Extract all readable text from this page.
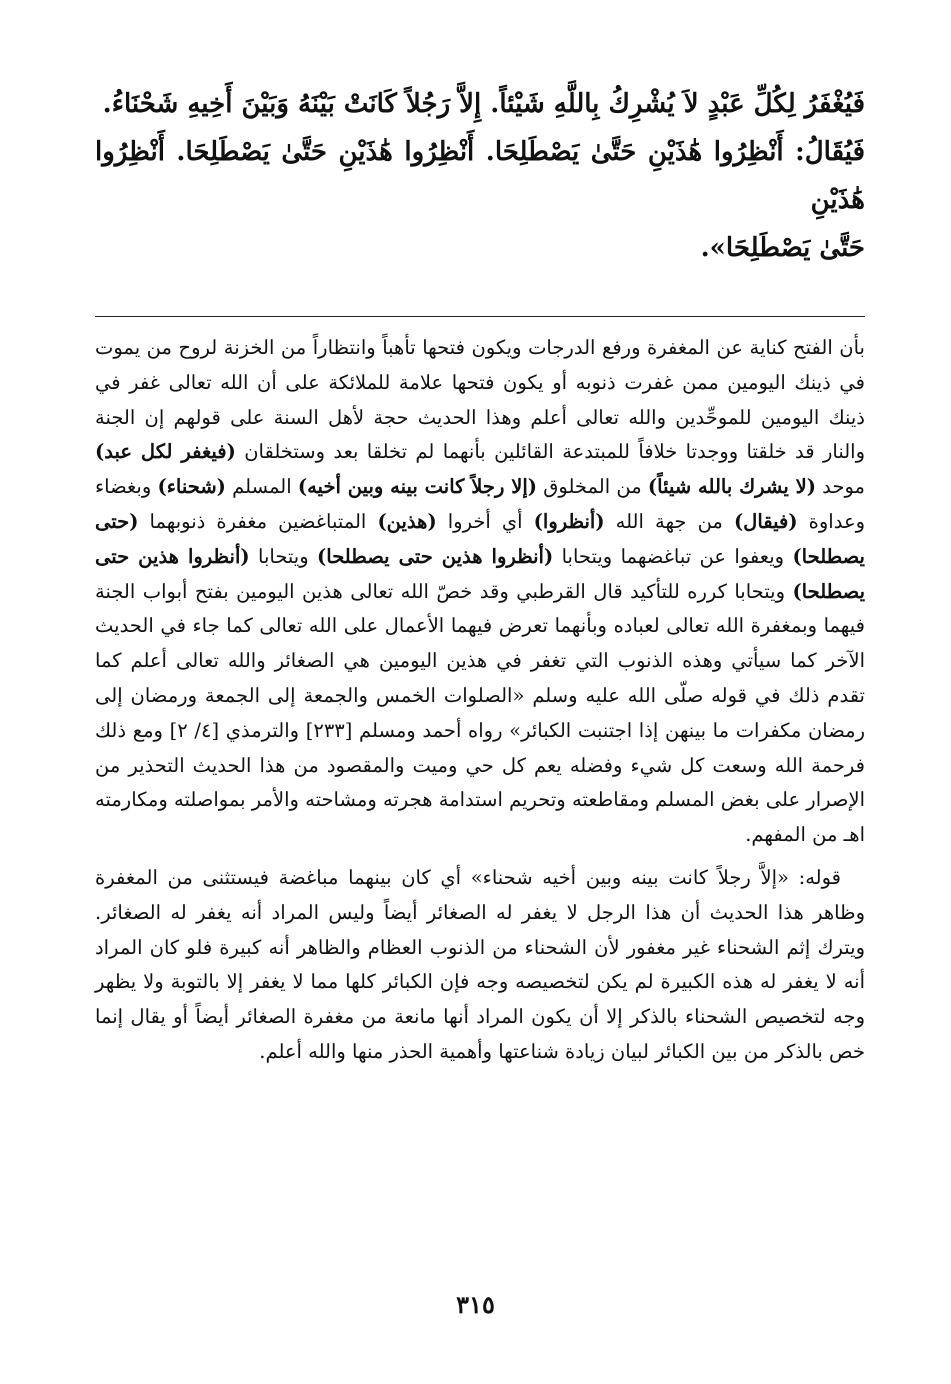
فَيُغْفَرُ لِكُلِّ عَبْدٍ لاَ يُشْرِكُ بِاللَّهِ شَيْئاً. إِلاَّ رَجُلاً كَانَتْ بَيْنَهُ وَبَيْنَ أَخِيهِ شَحْنَاءُ.

فَيُقَالُ: أَنْظِرُوا هَٰذَيْنِ حَتَّىٰ يَصْطَلِحَا. أَنْظِرُوا هَٰذَيْنِ حَتَّىٰ يَصْطَلِحَا. أَنْظِرُوا هَٰذَيْنِ

حَتَّىٰ يَصْطَلِحَا».

بأن الفتح كناية عن المغفرة ورفع الدرجات ويكون فتحها تأهباً وانتظاراً من الخزنة لروح من يموت في ذينك اليومين ممن غفرت ذنوبه أو يكون فتحها علامة للملائكة على أن الله تعالى غفر في ذينك اليومين للموحِّدين والله تعالى أعلم وهذا الحديث حجة لأهل السنة على قولهم إن الجنة والنار قد خلقتا ووجدتا خلافاً للمبتدعة القائلين بأنهما لم تخلقا بعد وستخلقان (فيغفر لكل عبد) موحد (لا يشرك بالله شيئاً) من المخلوق (إلا رجلاً كانت بينه وبين أخيه) المسلم (شحناء) وبغضاء وعداوة (فيقال) من جهة الله (أنظروا) أي أخروا (هذين) المتباغضين مغفرة ذنوبهما (حتى يصطلحا) ويعفوا عن تباغضهما ويتحابا (أنظروا هذين حتى يصطلحا) ويتحابا (أنظروا هذين حتى يصطلحا) ويتحابا كرره للتأكيد قال القرطبي وقد خصّ الله تعالى هذين اليومين بفتح أبواب الجنة فيهما وبمغفرة الله تعالى لعباده وبأنهما تعرض فيهما الأعمال على الله تعالى كما جاء في الحديث الآخر كما سيأتي وهذه الذنوب التي تغفر في هذين اليومين هي الصغائر والله تعالى أعلم كما تقدم ذلك في قوله صلّى الله عليه وسلم «الصلوات الخمس والجمعة إلى الجمعة ورمضان إلى رمضان مكفرات ما بينهن إذا اجتنبت الكبائر» رواه أحمد ومسلم [٢٣٣] والترمذي [٤/ ٢] ومع ذلك فرحمة الله وسعت كل شيء وفضله يعم كل حي وميت والمقصود من هذا الحديث التحذير من الإصرار على بغض المسلم ومقاطعته وتحريم استدامة هجرته ومشاحته والأمر بمواصلته ومكارمته اهـ من المفهم.

قوله: «إلاَّ رجلاً كانت بينه وبين أخيه شحناء» أي كان بينهما مباغضة فيستثنى من المغفرة وظاهر هذا الحديث أن هذا الرجل لا يغفر له الصغائر أيضاً وليس المراد أنه يغفر له الصغائر. ويترك إثم الشحناء غير مغفور لأن الشحناء من الذنوب العظام والظاهر أنه كبيرة فلو كان المراد أنه لا يغفر له هذه الكبيرة لم يكن لتخصيصه وجه فإن الكبائر كلها مما لا يغفر إلا بالتوبة ولا يظهر وجه لتخصيص الشحناء بالذكر إلا أن يكون المراد أنها مانعة من مغفرة الصغائر أيضاً أو يقال إنما خص بالذكر من بين الكبائر لبيان زيادة شناعتها وأهمية الحذر منها والله أعلم.

٣١٥
